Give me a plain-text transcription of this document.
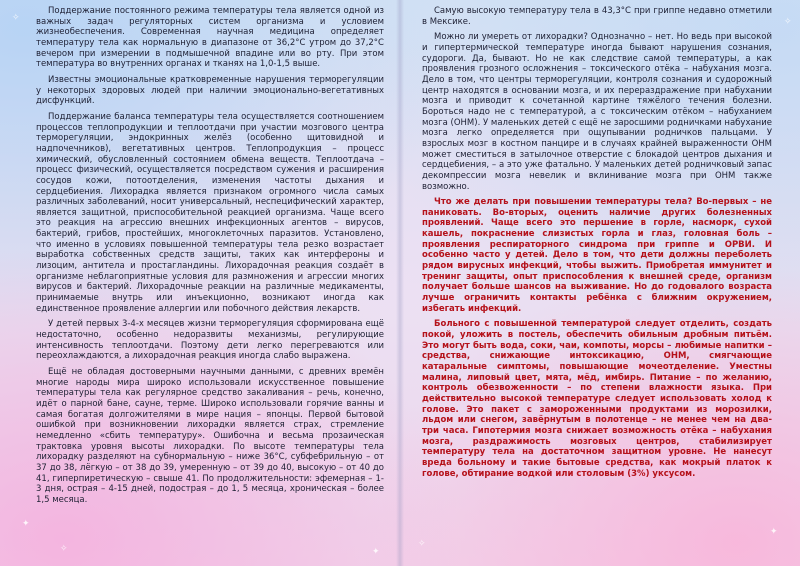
Поддержание постоянного режима температуры тела является одной из важных задач регуляторных систем организма и условием жизнеобеспечения. Современная научная медицина определяет температуру тела как нормальную в диапазоне от 36,2°C утром до 37,2°C вечером при измерении в подмышечной впадине или во рту. При этом температура во внутренних органах и тканях на 1,0-1,5 выше.

Известны эмоциональные кратковременные нарушения терморегуляции у некоторых здоровых людей при наличии эмоционально-вегетативных дисфункций.

Поддержание баланса температуры тела осуществляется соотношением процессов теплопродукции и теплоотдачи при участии мозгового центра терморегуляции, эндокринных желёз (особенно щитовидной и надпочечников), вегетативных центров. Теплопродукция – процесс химический, обусловленный состоянием обмена веществ. Теплоотдача – процесс физический, осуществляется посредством сужения и расширения сосудов кожи, потоотделения, изменения частоты дыхания и сердцебиения. Лихорадка является признаком огромного числа самых различных заболеваний, носит универсальный, неспецифический характер, является защитной, приспособительной реакцией организма. Чаще всего это реакция на агрессию внешних инфекционных агентов – вирусов, бактерий, грибов, простейших, многоклеточных паразитов. Установлено, что именно в условиях повышенной температуры тела резко возрастает выработка собственных средств защиты, таких как интерфероны и лизоцим, антитела и простагландины. Лихорадочная реакция создаёт в организме неблагоприятные условия для размножения и агрессии многих вирусов и бактерий. Лихорадочные реакции на различные медикаменты, принимаемые внутрь или инъекционно, возникают иногда как единственное проявление аллергии или побочного действия лекарств.

У детей первых 3-4-х месяцев жизни терморегуляция сформирована ещё недостаточно, особенно недоразвиты механизмы, регулирующие интенсивность теплоотдачи. Поэтому дети легко перегреваются или переохлаждаются, а лихорадочная реакция иногда слабо выражена.

Ещё не обладая достоверными научными данными, с древних времён многие народы мира широко использовали искусственное повышение температуры тела как регулярное средство закаливания – речь, конечно, идёт о парной бане, сауне, терме. Широко использовали горячие ванны и самая богатая долгожителями в мире нация – японцы. Первой бытовой ошибкой при возникновении лихорадки является страх, стремление немедленно «сбить температуру». Ошибочна и весьма прозаическая трактовка уровня высоты лихорадки. По высоте температуры тела лихорадку разделяют на субнормальную – ниже 36°C, субфебрильную – от 37 до 38, лёгкую – от 38 до 39, умеренную – от 39 до 40, высокую – от 40 до 41, гиперпиретическую – свыше 41. По продолжительности: эфемерная – 1-3 дня, острая – 4-15 дней, подострая – до 1, 5 месяца, хроническая – более 1,5 месяца.

Самую высокую температуру тела в 43,3°C при гриппе недавно отметили в Мексике.

Можно ли умереть от лихорадки? Однозначно – нет. Но ведь при высокой и гипертермической температуре иногда бывают нарушения сознания, судороги. Да, бывают. Но не как следствие самой температуры, а как проявления грозного осложнения – токсического отёка – набухания мозга. Дело в том, что центры терморегуляции, контроля сознания и судорожный центр находятся в основании мозга, и их перераздражение при набухании мозга и приводит к сочетанной картине тяжёлого течения болезни. Бороться надо не с температурой, а с токсическим отёком – набуханием мозга (ОНМ). У маленьких детей с ещё не заросшими родничками набухание мозга легко определяется при ощупывании родничков пальцами. У взрослых мозг в костном панцире и в случаях крайней выраженности ОНМ может сместиться в затылочное отверстие с блокадой центров дыхания и сердцебиения, – а это уже фатально. У маленьких детей родничковый запас декомпрессии мозга невелик и вклинивание мозга при ОНМ также возможно.

Что же делать при повышении температуры тела? Во-первых – не паниковать. Во-вторых, оценить наличие других болезненных проявлений. Чаще всего это першение в горле, насморк, сухой кашель, покраснение слизистых горла и глаз, головная боль – проявления респираторного синдрома при гриппе и ОРВИ. И особенно часто у детей. Дело в том, что дети должны переболеть рядом вирусных инфекций, чтобы выжить. Приобретая иммунитет и тренинг защиты, опыт приспособления к внешней среде, организм получает больше шансов на выживание. Но до годовалого возраста лучше ограничить контакты ребёнка с ближним окружением, избегать инфекций.

Больного с повышенной температурой следует отделить, создать покой, уложить в постель, обеспечить обильным дробным питьём. Это могут быть вода, соки, чаи, компоты, морсы – любимые напитки – средства, снижающие интоксикацию, ОНМ, смягчающие катаральные симптомы, повышающие мочеотделение. Уместны малина, липовый цвет, мята, мёд, имбирь. Питание – по желанию, контроль обезвоженности – по степени влажности языка. При действительно высокой температуре следует использовать холод к голове. Это пакет с замороженными продуктами из морозилки, льдом или снегом, завёрнутым в полотенце – не менее чем на два-три часа. Гипотермия мозга снижает возможность отёка – набухания мозга, раздражимость мозговых центров, стабилизирует температуру тела на достаточном защитном уровне. Не нанесут вреда больному и такие бытовые средства, как мокрый платок к голове, обтирание водкой или столовым (3%) уксусом.

✦
✧	✦
✧
✦
✧	✧
